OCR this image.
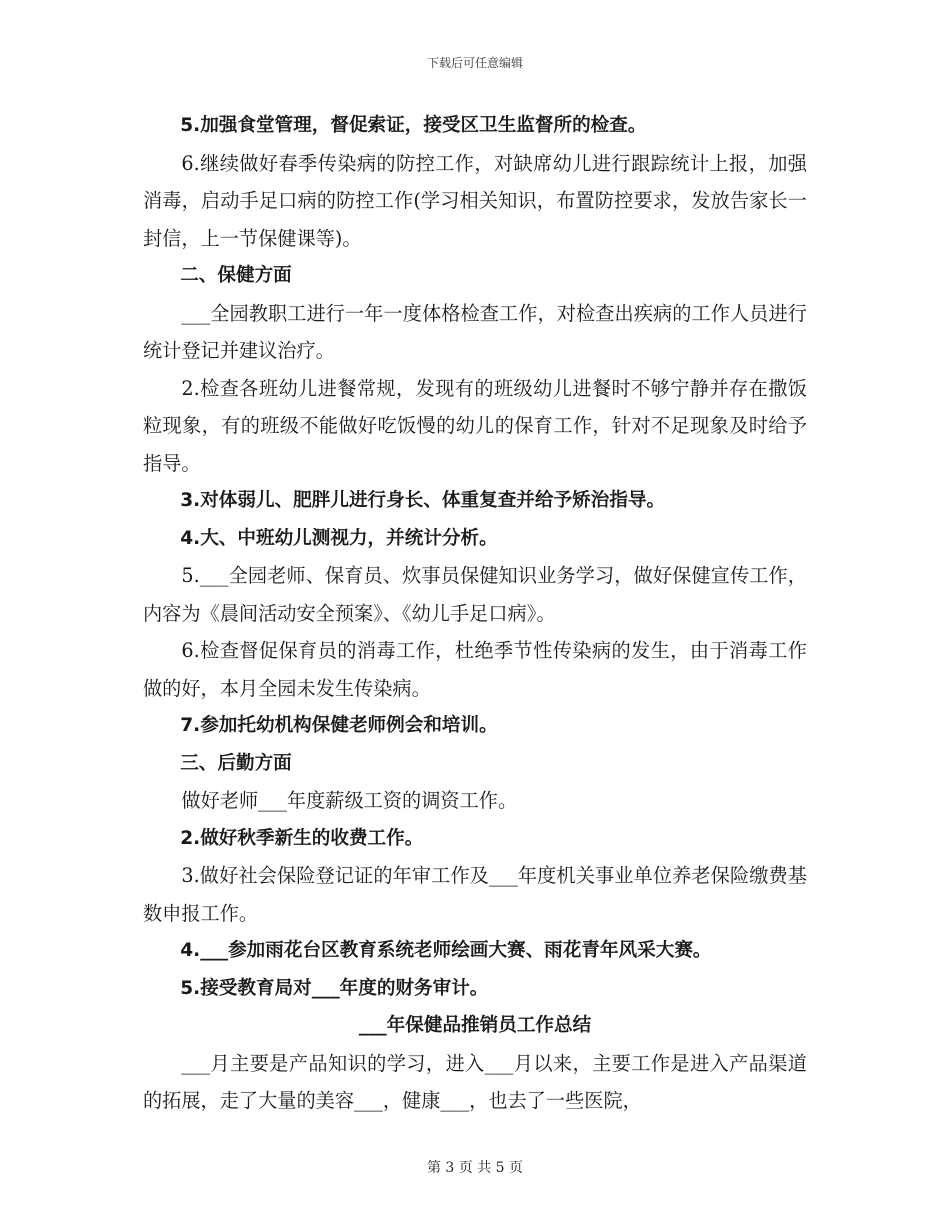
下载后可任意编辑

5.加强食堂管理，督促索证，接受区卫生监督所的检查。

6.继续做好春季传染病的防控工作，对缺席幼儿进行跟踪统计上报，加强消毒，启动手足口病的防控工作(学习相关知识，布置防控要求，发放告家长一封信，上一节保健课等)。

二、保健方面

___全园教职工进行一年一度体格检查工作，对检查出疾病的工作人员进行统计登记并建议治疗。

2.检查各班幼儿进餐常规，发现有的班级幼儿进餐时不够宁静并存在撒饭粒现象，有的班级不能做好吃饭慢的幼儿的保育工作，针对不足现象及时给予指导。

3.对体弱儿、肥胖儿进行身长、体重复查并给予矫治指导。

4.大、中班幼儿测视力，并统计分析。

5.___全园老师、保育员、炊事员保健知识业务学习，做好保健宣传工作，内容为《晨间活动安全预案》、《幼儿手足口病》。

6.检查督促保育员的消毒工作，杜绝季节性传染病的发生，由于消毒工作做的好，本月全园未发生传染病。

7.参加托幼机构保健老师例会和培训。

三、后勤方面

做好老师___年度薪级工资的调资工作。

2.做好秋季新生的收费工作。

3.做好社会保险登记证的年审工作及___年度机关事业单位养老保险缴费基数申报工作。

4.___参加雨花台区教育系统老师绘画大赛、雨花青年风采大赛。

5.接受教育局对___年度的财务审计。

___年保健品推销员工作总结

___月主要是产品知识的学习，进入___月以来，主要工作是进入产品渠道的拓展，走了大量的美容___，健康___，也去了一些医院，

第 3 页 共 5 页
